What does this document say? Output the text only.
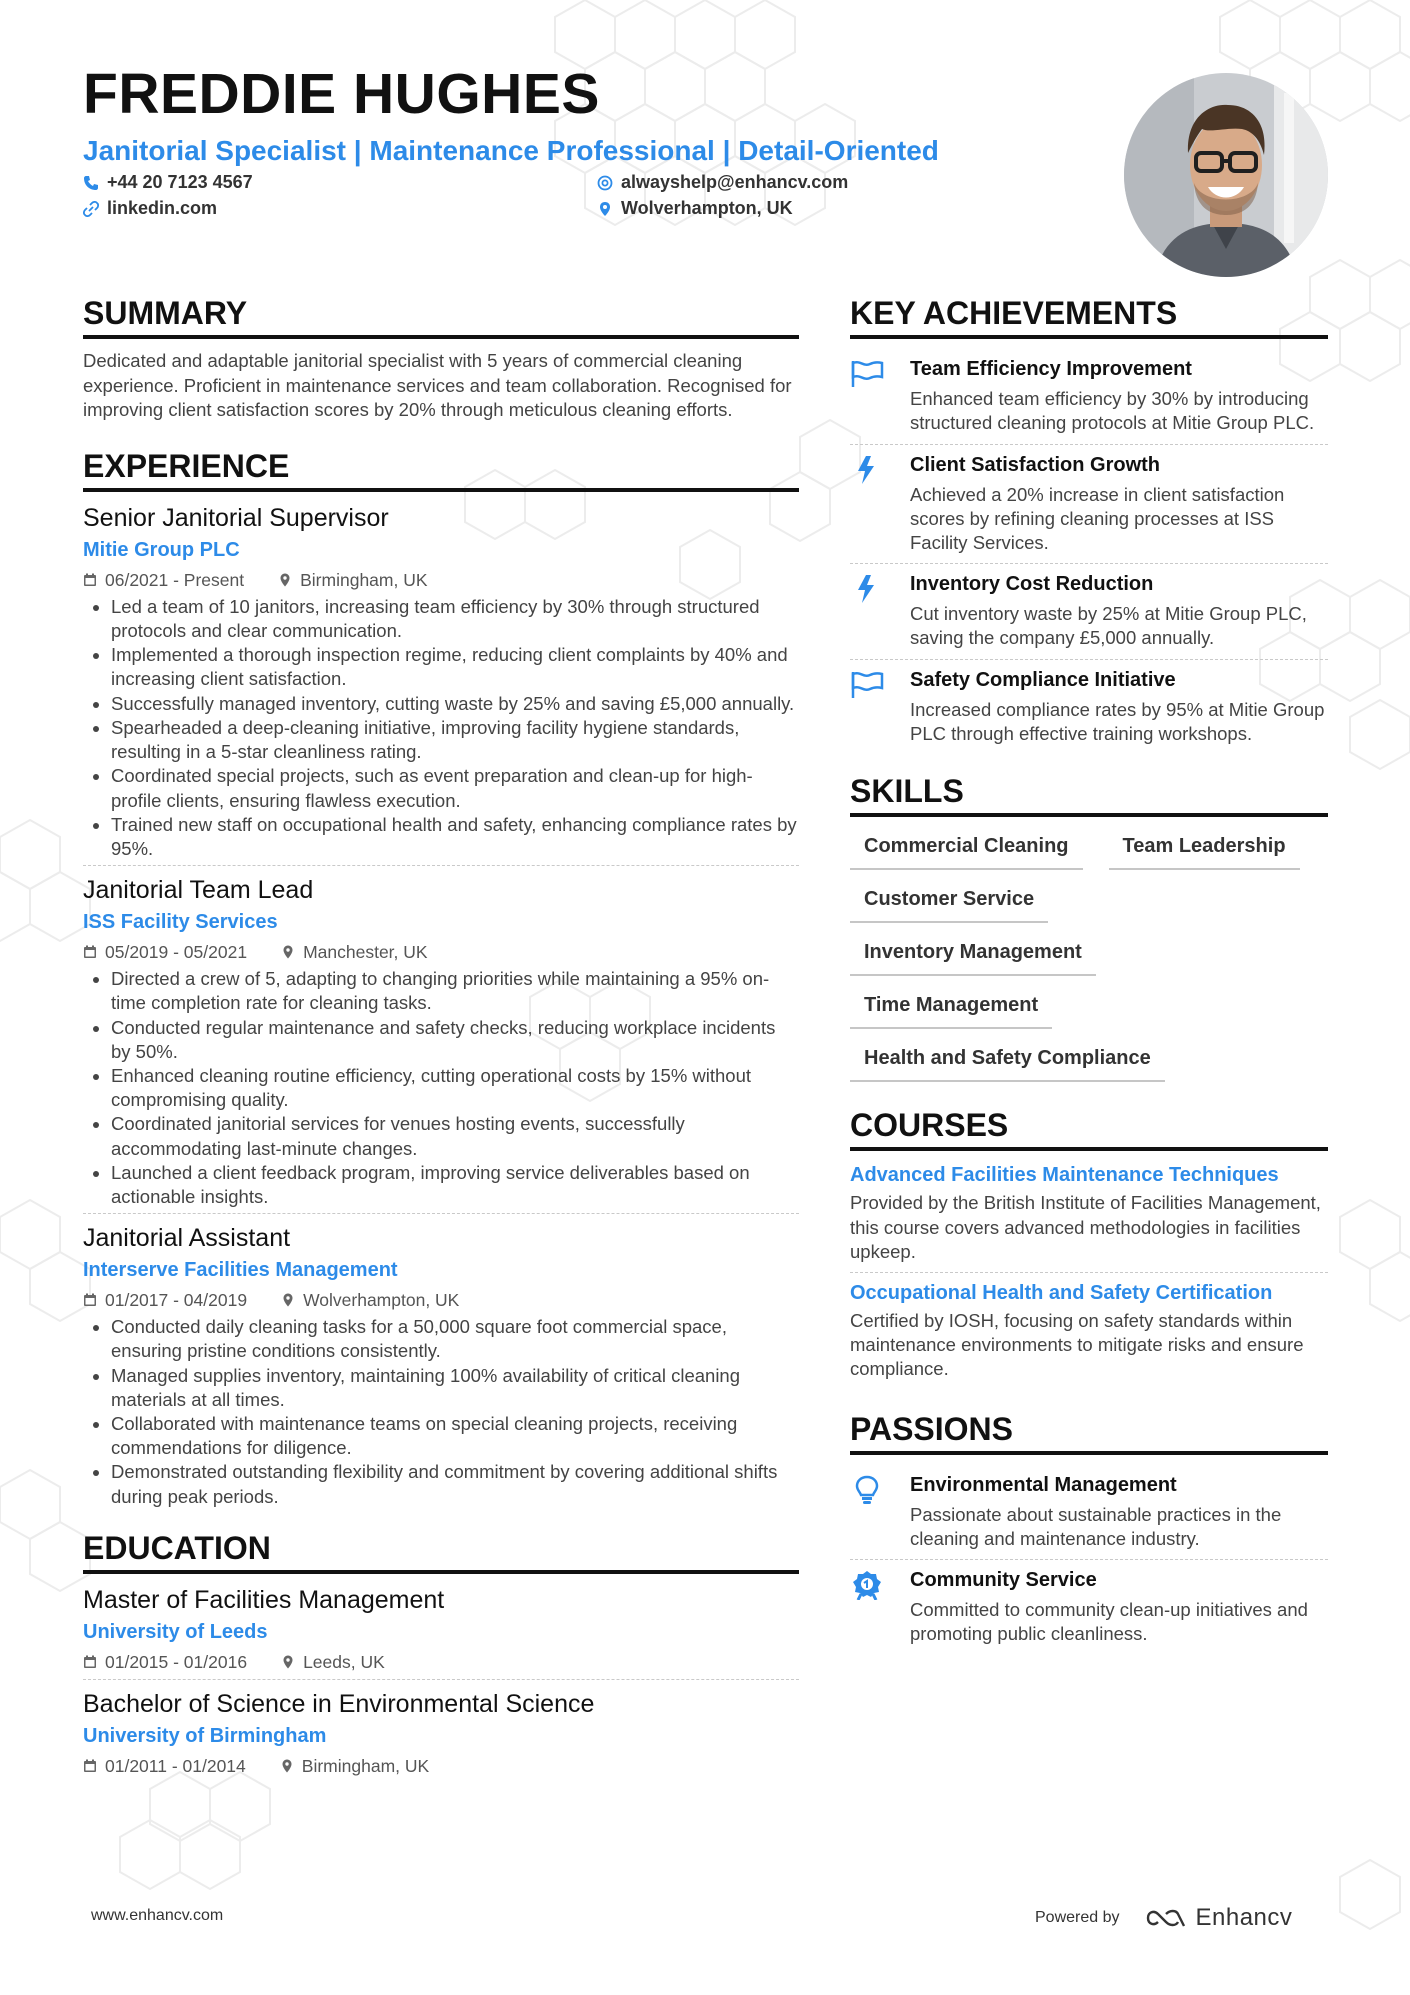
FREDDIE HUGHES
Janitorial Specialist | Maintenance Professional | Detail-Oriented
+44 20 7123 4567	alwayshelp@enhancv.com
linkedin.com	Wolverhampton, UK
SUMMARY

Dedicated and adaptable janitorial specialist with 5 years of commercial cleaning experience. Proficient in maintenance services and team collaboration. Recognised for improving client satisfaction scores by 20% through meticulous cleaning efforts.

EXPERIENCE
Senior Janitorial Supervisor
Mitie Group PLC
06/2021 - Present	Birmingham, UK
• Led a team of 10 janitors, increasing team efficiency by 30% through structured protocols and clear communication.
• Implemented a thorough inspection regime, reducing client complaints by 40% and increasing client satisfaction.
• Successfully managed inventory, cutting waste by 25% and saving £5,000 annually.
• Spearheaded a deep-cleaning initiative, improving facility hygiene standards, resulting in a 5-star cleanliness rating.
• Coordinated special projects, such as event preparation and clean-up for high-profile clients, ensuring flawless execution.
• Trained new staff on occupational health and safety, enhancing compliance rates by 95%.
Janitorial Team Lead
ISS Facility Services
05/2019 - 05/2021	Manchester, UK
• Directed a crew of 5, adapting to changing priorities while maintaining a 95% on-time completion rate for cleaning tasks.
• Conducted regular maintenance and safety checks, reducing workplace incidents by 50%.
• Enhanced cleaning routine efficiency, cutting operational costs by 15% without compromising quality.
• Coordinated janitorial services for venues hosting events, successfully accommodating last-minute changes.
• Launched a client feedback program, improving service deliverables based on actionable insights.
Janitorial Assistant
Interserve Facilities Management
01/2017 - 04/2019	Wolverhampton, UK
• Conducted daily cleaning tasks for a 50,000 square foot commercial space, ensuring pristine conditions consistently.
• Managed supplies inventory, maintaining 100% availability of critical cleaning materials at all times.
• Collaborated with maintenance teams on special cleaning projects, receiving commendations for diligence.
• Demonstrated outstanding flexibility and commitment by covering additional shifts during peak periods.
EDUCATION
Master of Facilities Management
University of Leeds
01/2015 - 01/2016	Leeds, UK
Bachelor of Science in Environmental Science
University of Birmingham
01/2011 - 01/2014	Birmingham, UK
KEY ACHIEVEMENTS
Team Efficiency Improvement
Enhanced team efficiency by 30% by introducing structured cleaning protocols at Mitie Group PLC.
Client Satisfaction Growth
Achieved a 20% increase in client satisfaction scores by refining cleaning processes at ISS Facility Services.
Inventory Cost Reduction
Cut inventory waste by 25% at Mitie Group PLC, saving the company £5,000 annually.
Safety Compliance Initiative
Increased compliance rates by 95% at Mitie Group PLC through effective training workshops.
SKILLS
Commercial Cleaning	Team Leadership
Customer Service
Inventory Management
Time Management
Health and Safety Compliance
COURSES
Advanced Facilities Maintenance Techniques
Provided by the British Institute of Facilities Management, this course covers advanced methodologies in facilities upkeep.
Occupational Health and Safety Certification
Certified by IOSH, focusing on safety standards within maintenance environments to mitigate risks and ensure compliance.
PASSIONS
Environmental Management
Passionate about sustainable practices in the cleaning and maintenance industry.
Community Service
Committed to community clean-up initiatives and promoting public cleanliness.
www.enhancv.com	Powered by	Enhancv
